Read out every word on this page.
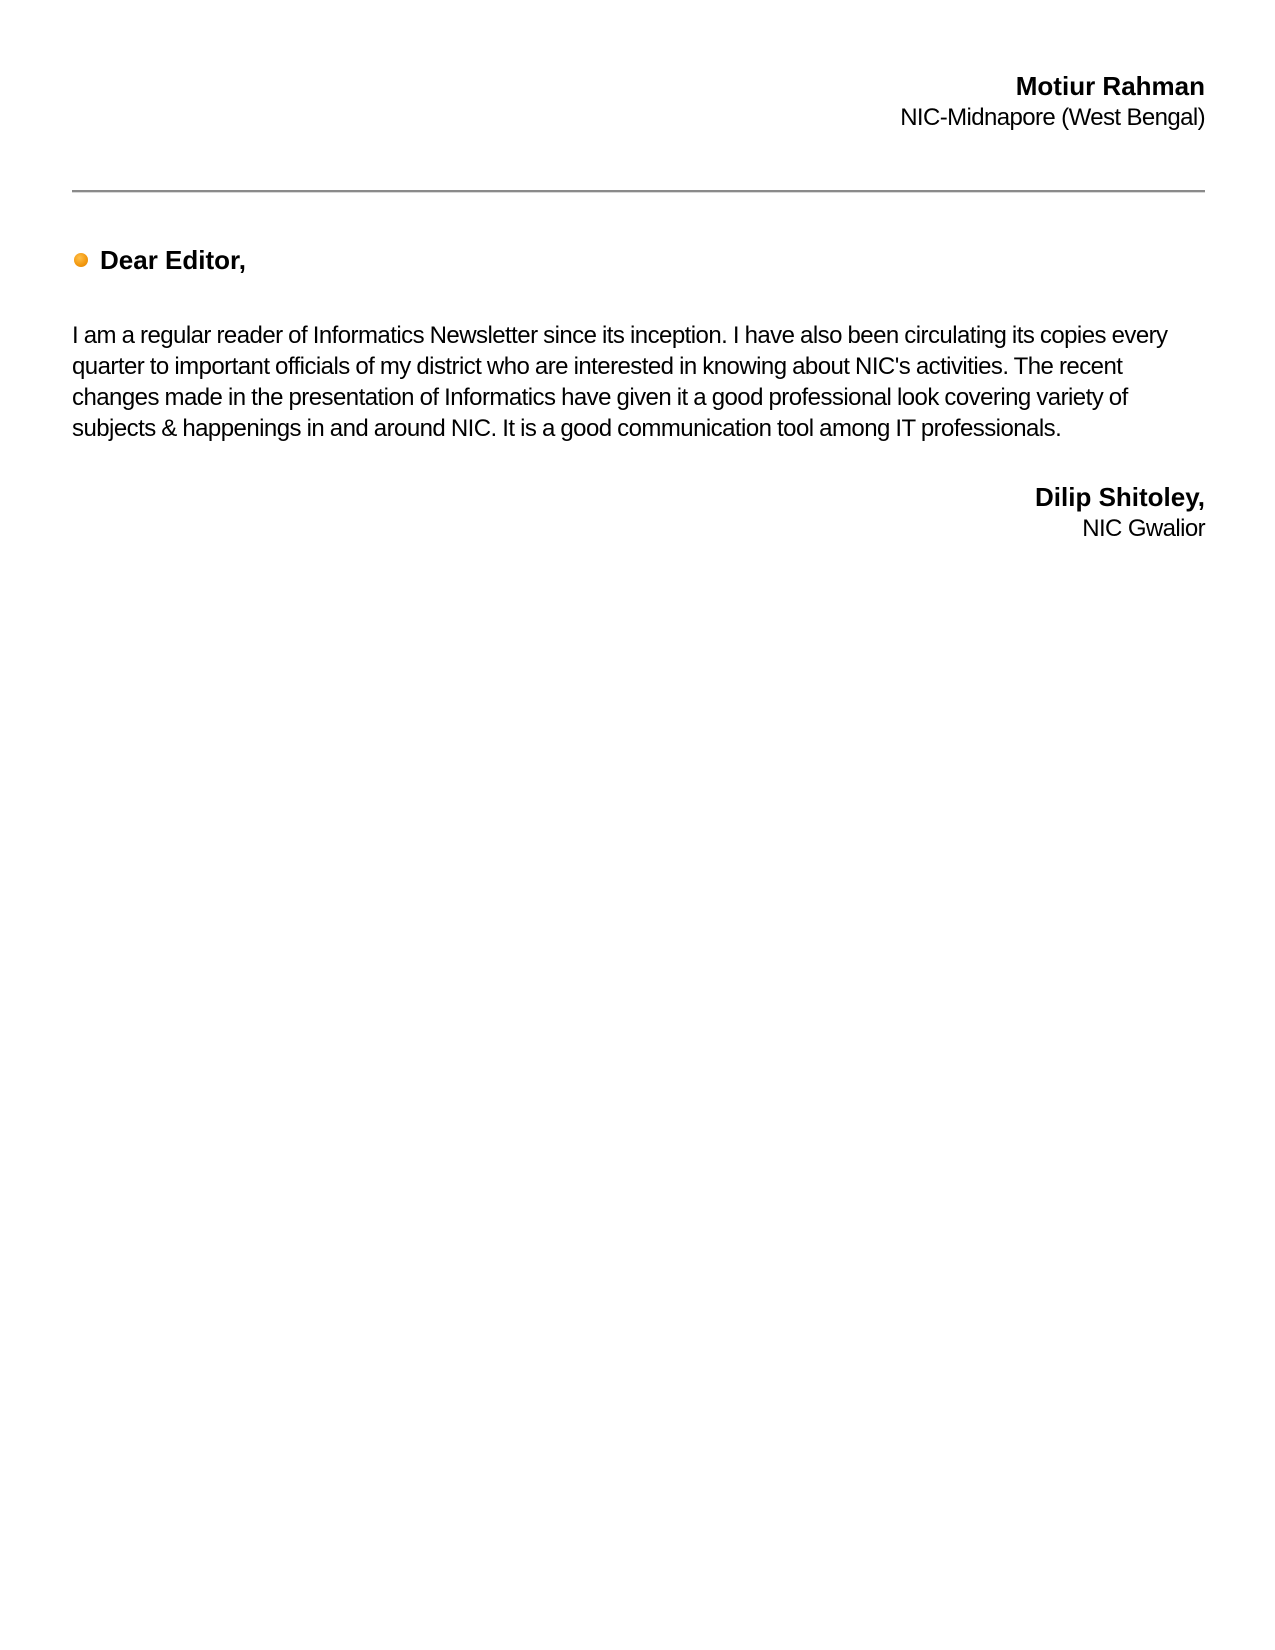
Motiur Rahman
NIC-Midnapore (West Bengal)
Dear Editor,
I am a regular reader of Informatics Newsletter since its inception. I have also been circulating its copies every quarter to important officials of my district who are interested in knowing about NIC's activities. The recent changes made in the presentation of Informatics have given it a good professional look covering variety of subjects & happenings in and around NIC. It is a good communication tool among IT professionals.
Dilip Shitoley,
NIC Gwalior
